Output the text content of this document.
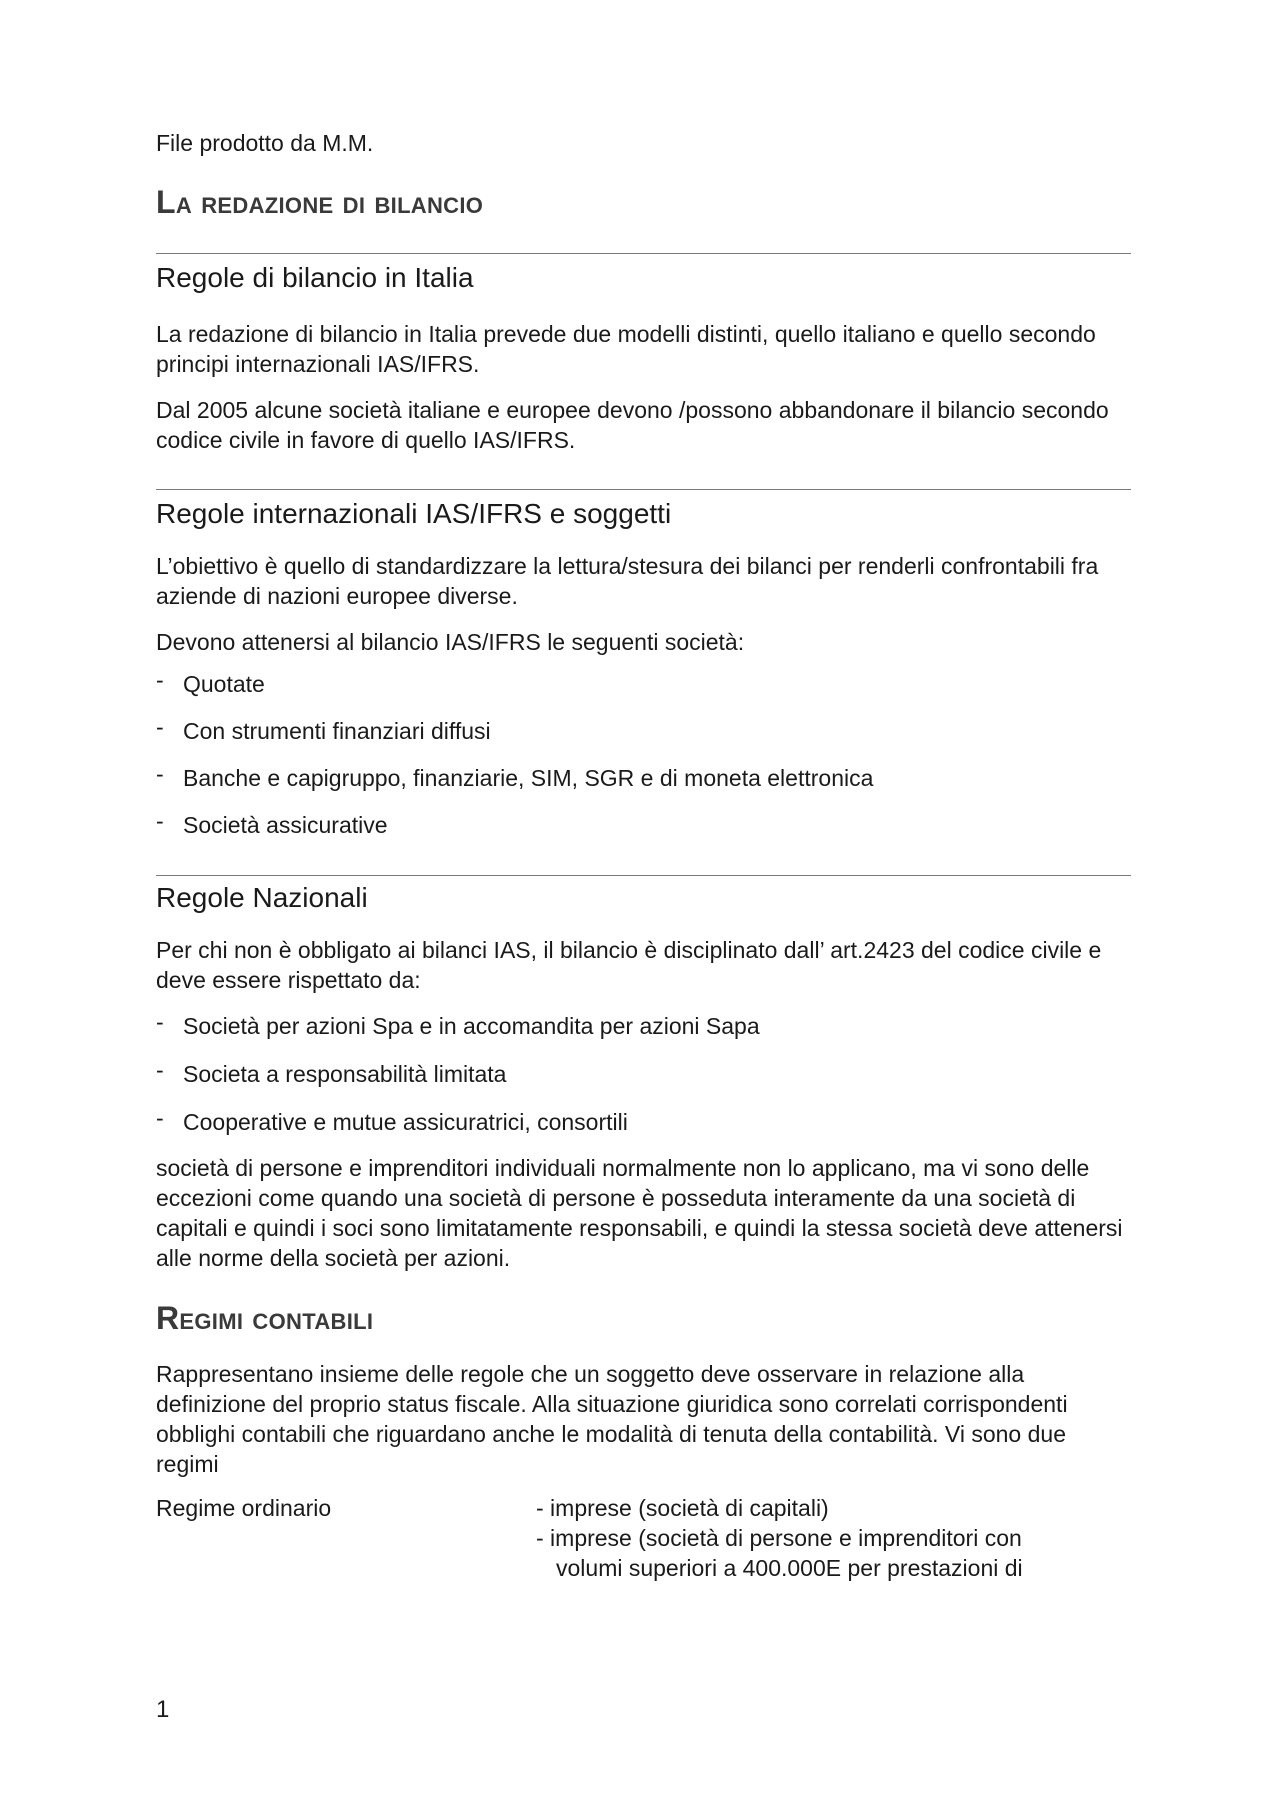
File prodotto da M.M.
La redazione di bilancio
Regole di bilancio in Italia

La redazione di bilancio in Italia prevede due modelli distinti, quello italiano e quello secondo principi internazionali IAS/IFRS.

Dal 2005 alcune società italiane e europee devono /possono abbandonare il bilancio secondo codice civile in favore di quello IAS/IFRS.

Regole internazionali IAS/IFRS e soggetti

L’obiettivo è quello di standardizzare la lettura/stesura dei bilanci per renderli confrontabili fra aziende di nazioni europee diverse.

Devono attenersi al bilancio IAS/IFRS le seguenti società:

- Quotate
- Con strumenti finanziari diffusi
- Banche e capigruppo, finanziarie, SIM, SGR e di moneta elettronica
- Società assicurative
Regole Nazionali

Per chi non è obbligato ai bilanci IAS, il bilancio è disciplinato dall’ art.2423 del codice civile e deve essere rispettato da:

- Società per azioni Spa e in accomandita per azioni Sapa
- Societa a responsabilità limitata
- Cooperative e mutue assicuratrici, consortili

società di persone e imprenditori individuali normalmente non lo applicano, ma vi sono delle eccezioni come quando una società di persone è posseduta interamente da una società di capitali e quindi i soci sono limitatamente responsabili, e quindi la stessa società deve attenersi alle norme della società per azioni.

Regimi contabili

Rappresentano insieme delle regole che un soggetto deve osservare in relazione alla definizione del proprio status fiscale. Alla situazione giuridica sono correlati corrispondenti obblighi contabili che riguardano anche le modalità di tenuta della contabilità. Vi sono due regimi

Regime ordinario	- imprese (società di capitali)
- imprese (società di persone e imprenditori con
volumi superiori a 400.000E per prestazioni di
1
